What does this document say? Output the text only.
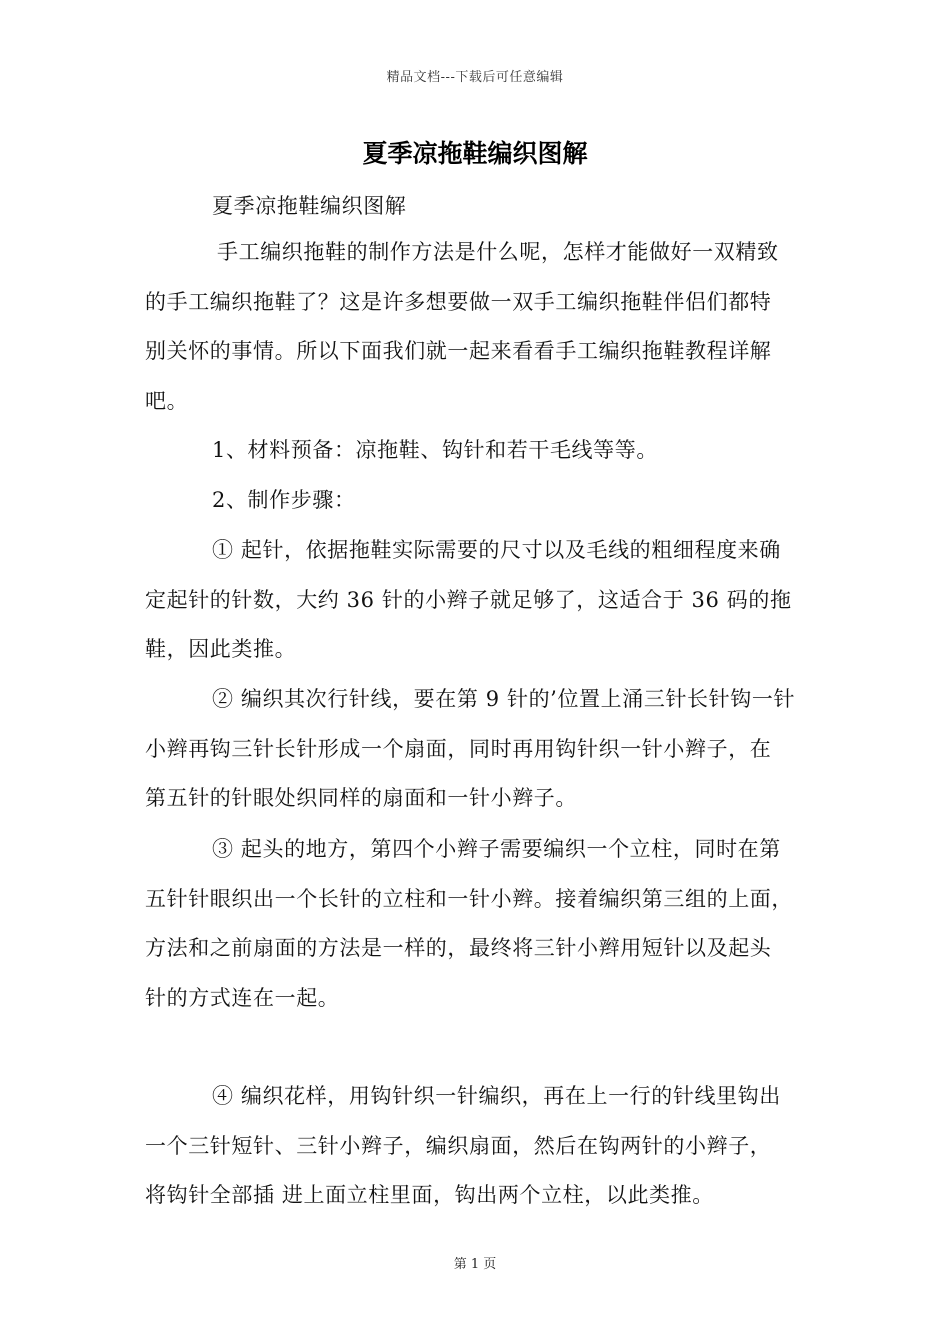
精品文档---下载后可任意编辑
夏季凉拖鞋编织图解
夏季凉拖鞋编织图解
手工编织拖鞋的制作方法是什么呢，怎样才能做好一双精致
的手工编织拖鞋了？这是许多想要做一双手工编织拖鞋伴侣们都特
别关怀的事情。所以下面我们就一起来看看手工编织拖鞋教程详解
吧。
1、材料预备：凉拖鞋、钩针和若干毛线等等。
2、制作步骤：
① 起针，依据拖鞋实际需要的尺寸以及毛线的粗细程度来确
定起针的针数，大约 36 针的小辫子就足够了，这适合于 36 码的拖
鞋，因此类推。
② 编织其次行针线，要在第 9 针的’位置上涌三针长针钩一针
小辫再钩三针长针形成一个扇面，同时再用钩针织一针小辫子，在
第五针的针眼处织同样的扇面和一针小辫子。
③ 起头的地方，第四个小辫子需要编织一个立柱，同时在第
五针针眼织出一个长针的立柱和一针小辫。接着编织第三组的上面，
方法和之前扇面的方法是一样的，最终将三针小辫用短针以及起头
针的方式连在一起。
④ 编织花样，用钩针织一针编织，再在上一行的针线里钩出
一个三针短针、三针小辫子，编织扇面，然后在钩两针的小辫子，
将钩针全部插 进上面立柱里面，钩出两个立柱，以此类推。
第 1 页
